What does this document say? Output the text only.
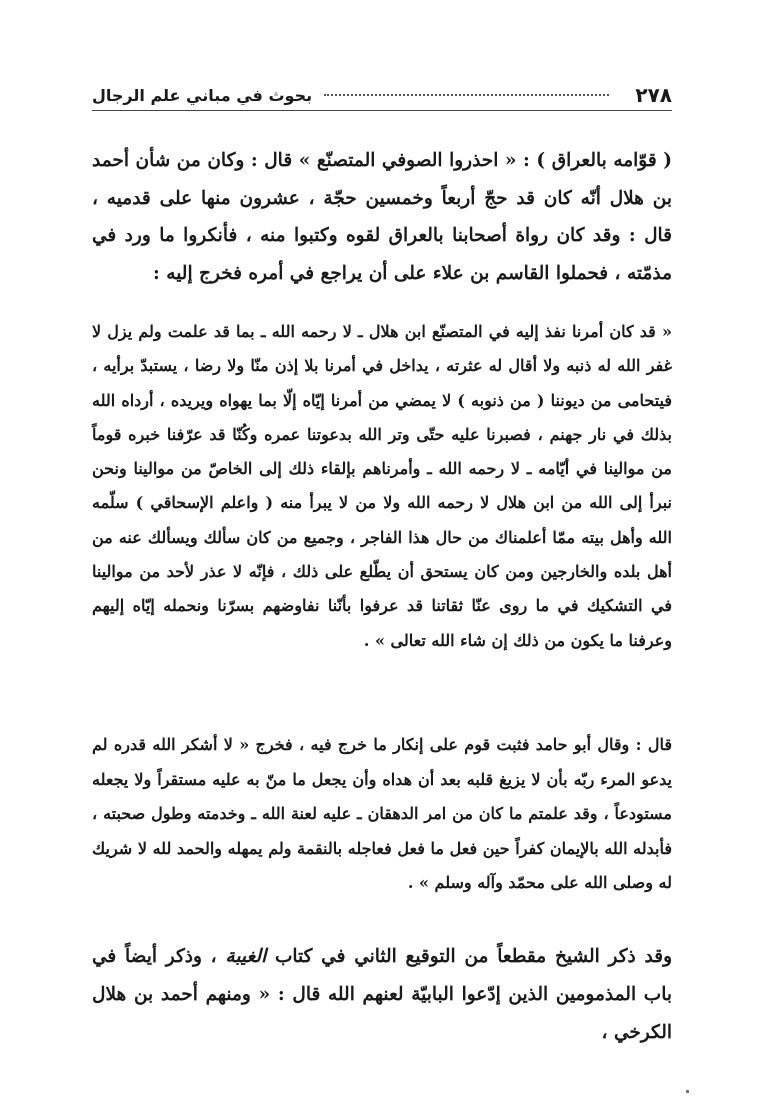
٢٧٨
بحوث في مباني علم الرجال

( قوّامه بالعراق ) : « احذروا الصوفي المتصنّع » قال : وكان من شأن أحمد بن هلال أنّه كان قد حجّ أربعاً وخمسين حجّة ، عشرون منها على قدميه ، قال : وقد كان رواة أصحابنا بالعراق لقوه وكتبوا منه ، فأنكروا ما ورد في مذمّته ، فحملوا القاسم بن علاء على أن يراجع في أمره فخرج إليه :

« قد كان أمرنا نفذ إليه في المتصنّع ابن هلال ـ لا رحمه الله ـ بما قد علمت ولم يزل لا غفر الله له ذنبه ولا أقال له عثرته ، يداخل في أمرنا بلا إذن منّا ولا رضا ، يستبدّ برأيه ، فيتحامى من ديوننا ( من ذنوبه ) لا يمضي من أمرنا إيّاه إلّا بما يهواه ويريده ، أرداه الله بذلك في نار جهنم ، فصبرنا عليه حتّى وتر الله بدعوتنا عمره وكُنّا قد عرّفنا خبره قوماً من موالينا في أيّامه ـ لا رحمه الله ـ وأمرناهم بإلقاء ذلك إلى الخاصّ من موالينا ونحن نبرأ إلى الله من ابن هلال لا رحمه الله ولا من لا يبرأ منه ( واعلم الإسحاقي ) سلّمه الله وأهل بيته ممّا أعلمناك من حال هذا الفاجر ، وجميع من كان سألك ويسألك عنه من أهل بلده والخارجين ومن كان يستحق أن يطّلع على ذلك ، فإنّه لا عذر لأحد من موالينا في التشكيك في ما روى عنّا ثقاتنا قد عرفوا بأنّنا نفاوضهم بسرّنا ونحمله إيّاه إليهم وعرفنا ما يكون من ذلك إن شاء الله تعالى » .

قال : وقال أبو حامد فثبت قوم على إنكار ما خرج فيه ، فخرج « لا أشكر الله قدره لم يدعو المرء ربّه بأن لا يزيغ قلبه بعد أن هداه وأن يجعل ما منّ به عليه مستقراً ولا يجعله مستودعاً ، وقد علمتم ما كان من امر الدهقان ـ عليه لعنة الله ـ وخدمته وطول صحبته ، فأبدله الله بالإيمان كفراً حين فعل ما فعل فعاجله بالنقمة ولم يمهله والحمد لله لا شريك له وصلى الله على محمّد وآله وسلم » .

وقد ذكر الشيخ مقطعاً من التوقيع الثاني في كتاب الغيبة ، وذكر أيضاً في باب المذمومين الذين إدّعوا البابيّة لعنهم الله قال : « ومنهم أحمد بن هلال الكرخي ،
